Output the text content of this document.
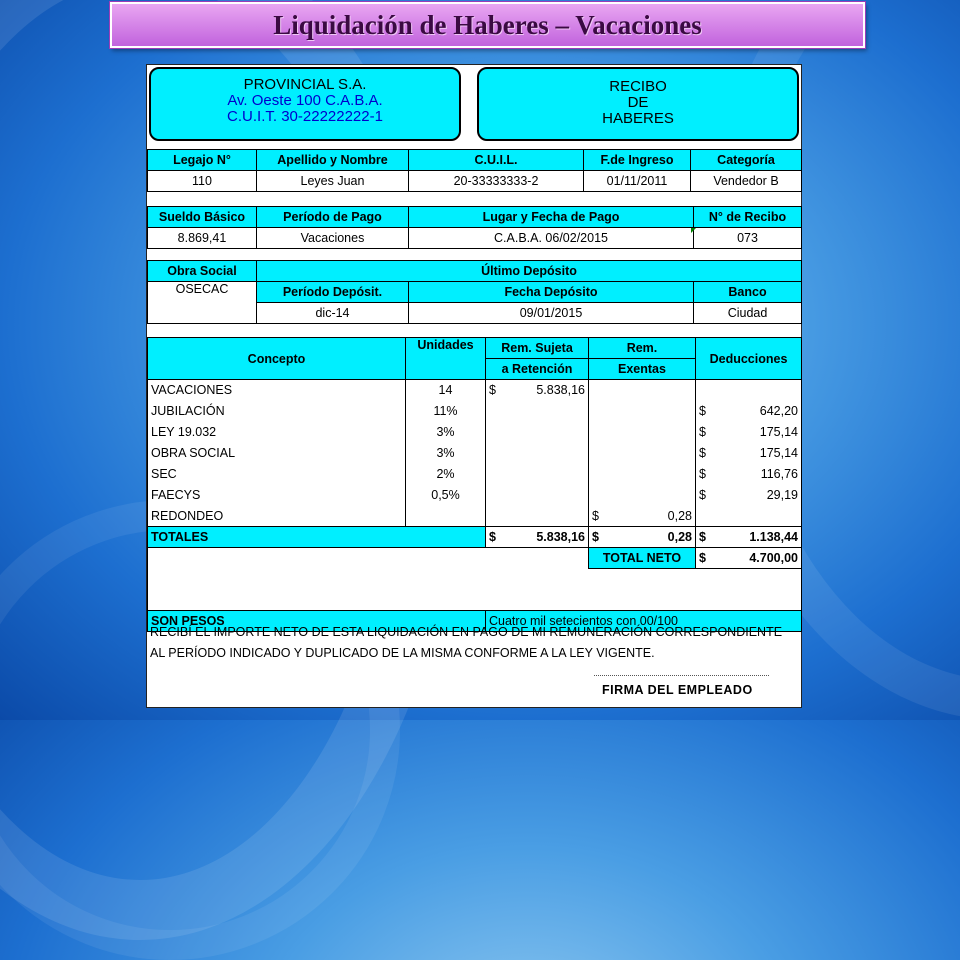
Liquidación de Haberes – Vacaciones
PROVINCIAL S.A.
Av. Oeste 100 C.A.B.A.
C.U.I.T. 30-22222222-1
RECIBO
DE
HABERES
Legajo N°	Apellido y Nombre	C.U.I.L.	F.de Ingreso	Categoría
110	Leyes Juan	20-33333333-2	01/11/2011	Vendedor B
Sueldo Básico	Período de Pago	Lugar y Fecha de Pago	N° de Recibo
8.869,41	Vacaciones	C.A.B.A. 06/02/2015	073
Obra Social	Último Depósito		
OSECAC	Período Depósit.	Fecha Depósito	Banco
	dic-14	09/01/2015	Ciudad
Concepto	Unidades	Rem. Sujeta	Rem.	Deducciones
		a Retención	Exentas	
VACACIONES	14	$ 5.838,16		

JUBILACIÓN	11%			$ 642,20

LEY 19.032	3%			$ 175,14

OBRA SOCIAL	3%			$ 175,14

SEC	2%			$ 116,76

FAECYS	0,5%			$ 29,19

REDONDEO			$ 0,28	

TOTALES		$ 5.838,16	$ 0,28	$ 1.138,44

			TOTAL NETO	$ 4.700,00

SON PESOS		Cuatro mil setecientos con 00/100		
RECIBÍ EL IMPORTE NETO DE ESTA LIQUIDACIÓN EN PAGO DE MI REMUNERACIÓN CORRESPONDIENTE
AL PERÍODO INDICADO Y DUPLICADO DE LA MISMA CONFORME A LA LEY VIGENTE.
FIRMA DEL EMPLEADO
